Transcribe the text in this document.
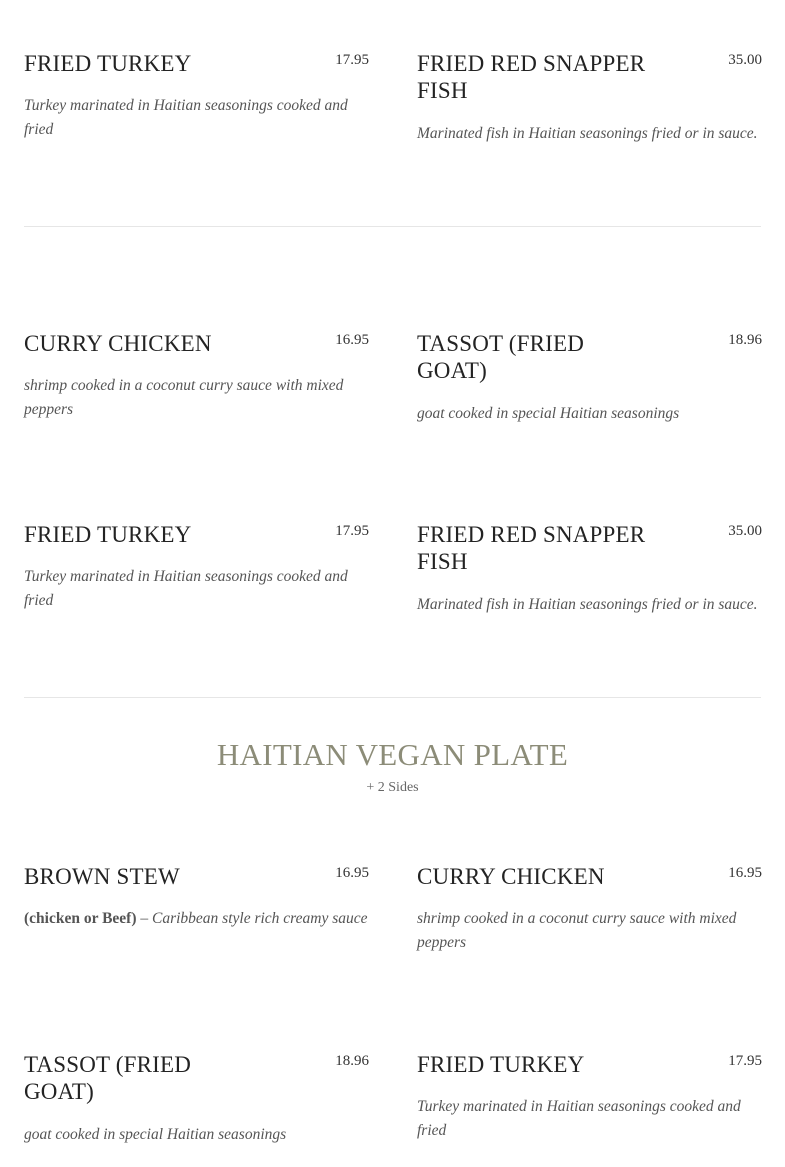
FRIED TURKEY	17.95

Turkey marinated in Haitian seasonings cooked and fried

FRIED RED SNAPPER FISH
35.00

Marinated fish in Haitian seasonings fried or in sauce.

CURRY CHICKEN	16.95

shrimp cooked in a coconut curry sauce with mixed peppers

TASSOT (FRIED GOAT)
18.96

goat cooked in special Haitian seasonings

FRIED TURKEY	17.95

Turkey marinated in Haitian seasonings cooked and fried

FRIED RED SNAPPER FISH
35.00

Marinated fish in Haitian seasonings fried or in sauce.

HAITIAN VEGAN PLATE
+ 2 Sides
BROWN STEW	16.95

(chicken or Beef) – Caribbean style rich creamy sauce

CURRY CHICKEN	16.95

shrimp cooked in a coconut curry sauce with mixed peppers

TASSOT (FRIED GOAT)
18.96

goat cooked in special Haitian seasonings

FRIED TURKEY	17.95

Turkey marinated in Haitian seasonings cooked and fried
